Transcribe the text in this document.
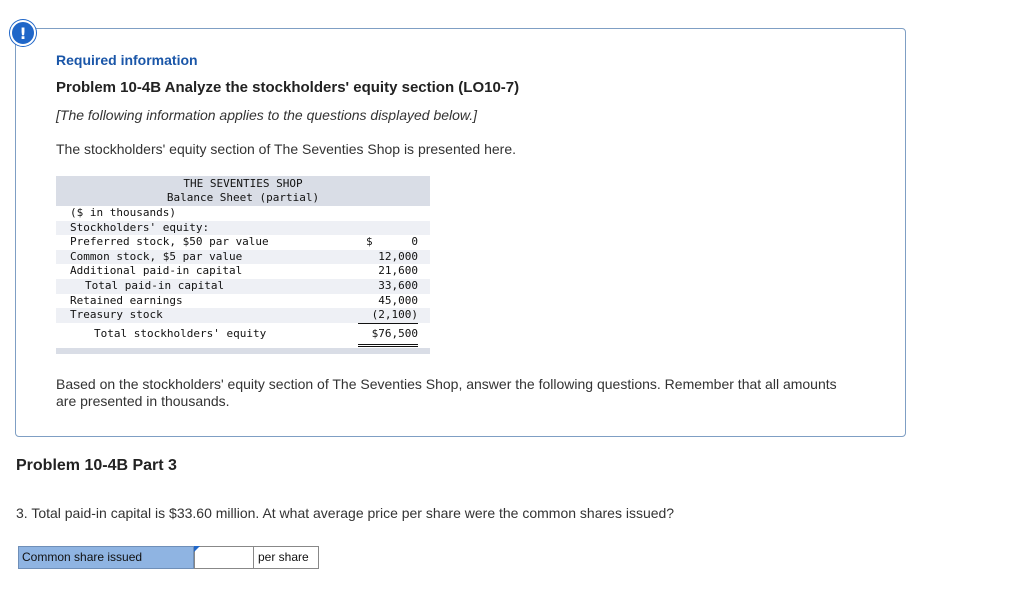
!
Required information
Problem 10-4B Analyze the stockholders' equity section (LO10-7)
[The following information applies to the questions displayed below.]
The stockholders' equity section of The Seventies Shop is presented here.
THE SEVENTIES SHOP
Balance Sheet (partial)
($ in thousands)
Stockholders' equity:
Preferred stock, $50 par value	$	0
Common stock, $5 par value	12,000
Additional paid-in capital	21,600
Total paid-in capital	33,600
Retained earnings	45,000
Treasury stock	(2,100)
Total stockholders' equity	$76,500
Based on the stockholders' equity section of The Seventies Shop, answer the following questions. Remember that all amounts are presented in thousands.
Problem 10-4B Part 3
3. Total paid-in capital is $33.60 million. At what average price per share were the common shares issued?
Common share issued	per share
